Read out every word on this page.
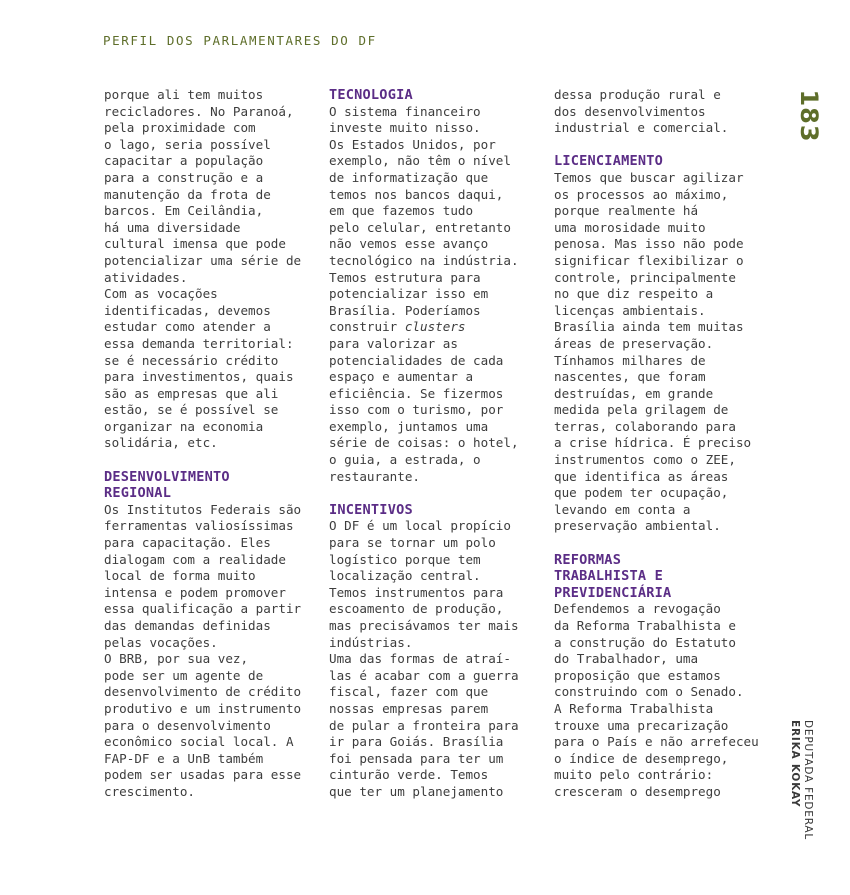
PERFIL DOS PARLAMENTARES DO DF

porque ali tem muitos

recicladores. No Paranoá,

pela proximidade com

o lago, seria possível

capacitar a população

para a construção e a

manutenção da frota de

barcos. Em Ceilândia,

há uma diversidade

cultural imensa que pode

potencializar uma série de

atividades.

Com as vocações

identificadas, devemos

estudar como atender a

essa demanda territorial:

se é necessário crédito

para investimentos, quais

são as empresas que ali

estão, se é possível se

organizar na economia

solidária, etc.

DESENVOLVIMENTO
REGIONAL

Os Institutos Federais são

ferramentas valiosíssimas

para capacitação. Eles

dialogam com a realidade

local de forma muito

intensa e podem promover

essa qualificação a partir

das demandas definidas

pelas vocações.

O BRB, por sua vez,

pode ser um agente de

desenvolvimento de crédito

produtivo e um instrumento

para o desenvolvimento

econômico social local. A

FAP-DF e a UnB também

podem ser usadas para esse

crescimento.

TECNOLOGIA

O sistema financeiro

investe muito nisso.

Os Estados Unidos, por

exemplo, não têm o nível

de informatização que

temos nos bancos daqui,

em que fazemos tudo

pelo celular, entretanto

não vemos esse avanço

tecnológico na indústria.

Temos estrutura para

potencializar isso em

Brasília. Poderíamos

construir clusters

para valorizar as

potencialidades de cada

espaço e aumentar a

eficiência. Se fizermos

isso com o turismo, por

exemplo, juntamos uma

série de coisas: o hotel,

o guia, a estrada, o

restaurante.

INCENTIVOS

O DF é um local propício

para se tornar um polo

logístico porque tem

localização central.

Temos instrumentos para

escoamento de produção,

mas precisávamos ter mais

indústrias.

Uma das formas de atraí-

las é acabar com a guerra

fiscal, fazer com que

nossas empresas parem

de pular a fronteira para

ir para Goiás. Brasília

foi pensada para ter um

cinturão verde. Temos

que ter um planejamento

dessa produção rural e

dos desenvolvimentos

industrial e comercial.

LICENCIAMENTO

Temos que buscar agilizar

os processos ao máximo,

porque realmente há

uma morosidade muito

penosa. Mas isso não pode

significar flexibilizar o

controle, principalmente

no que diz respeito a

licenças ambientais.

Brasília ainda tem muitas

áreas de preservação.

Tínhamos milhares de

nascentes, que foram

destruídas, em grande

medida pela grilagem de

terras, colaborando para

a crise hídrica. É preciso

instrumentos como o ZEE,

que identifica as áreas

que podem ter ocupação,

levando em conta a

preservação ambiental.

REFORMAS
TRABALHISTA E
PREVIDENCIÁRIA

Defendemos a revogação

da Reforma Trabalhista e

a construção do Estatuto

do Trabalhador, uma

proposição que estamos

construindo com o Senado.

A Reforma Trabalhista

trouxe uma precarização

para o País e não arrefeceu

o índice de desemprego,

muito pelo contrário:

cresceram o desemprego

183
DEPUTADA FEDERAL
ERIKA KOKAY
